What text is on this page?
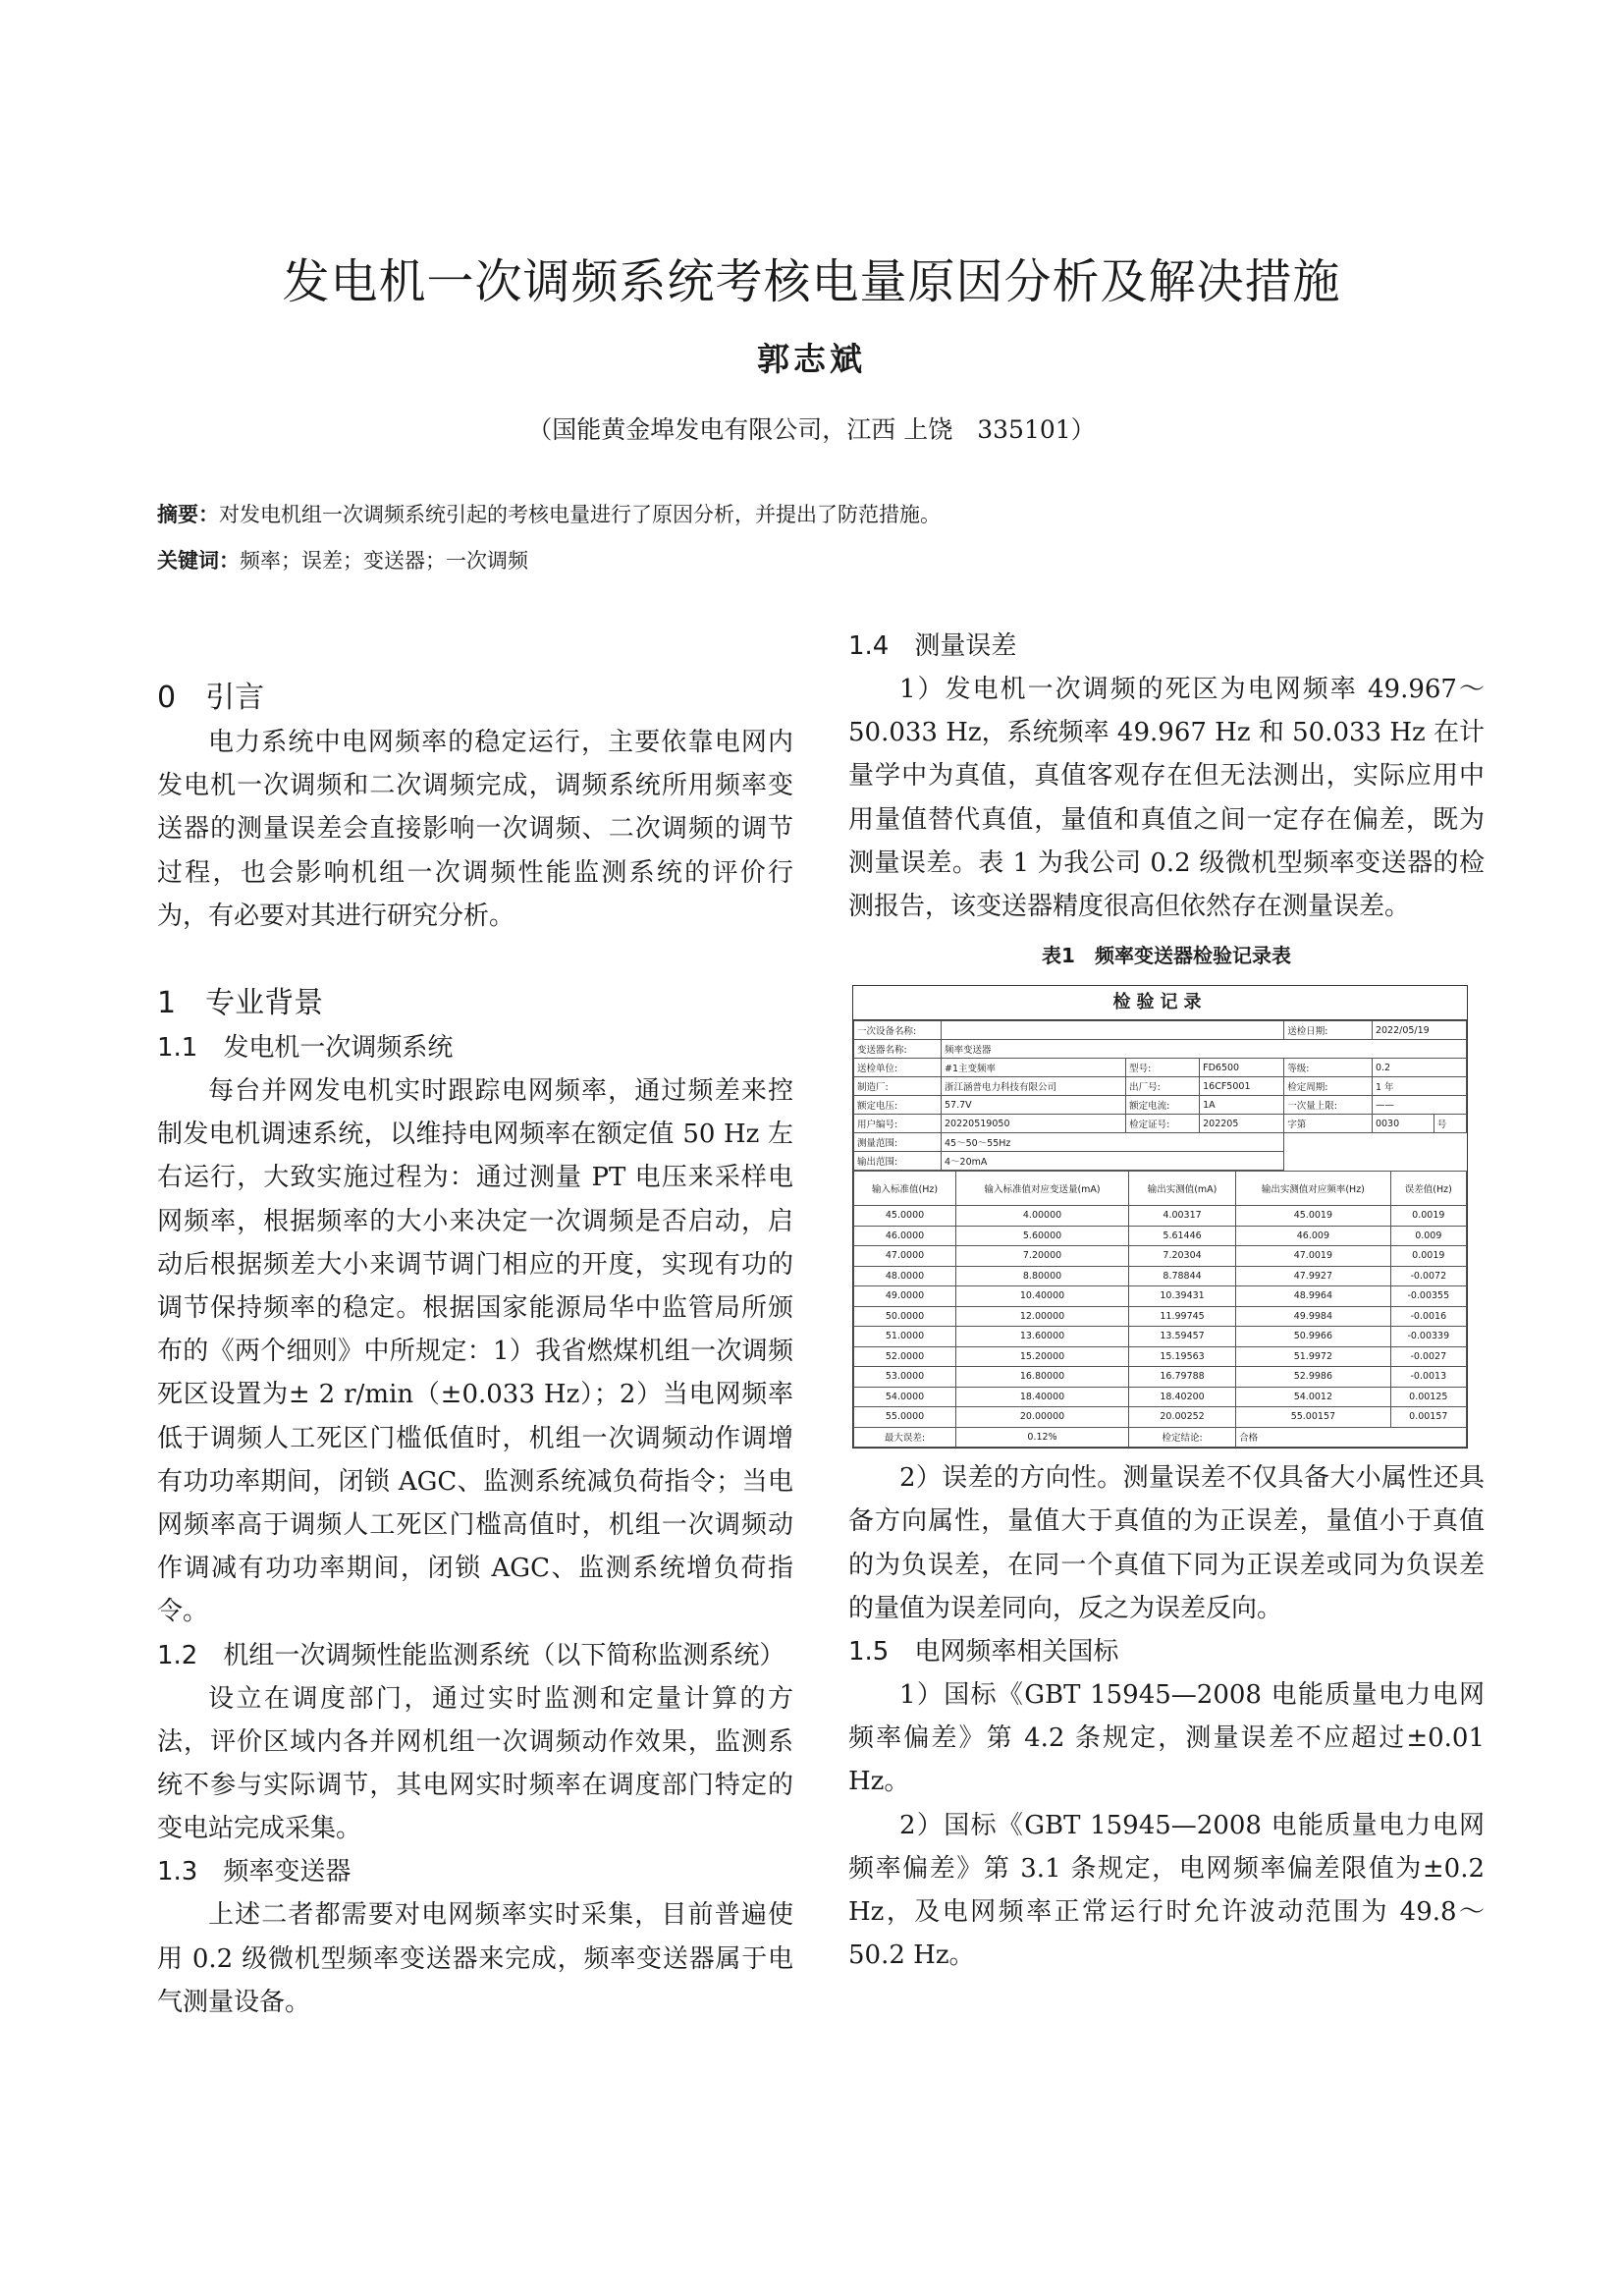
发电机一次调频系统考核电量原因分析及解决措施
郭志斌
（国能黄金埠发电有限公司，江西 上饶　335101）
摘要：对发电机组一次调频系统引起的考核电量进行了原因分析，并提出了防范措施。
关键词：频率；误差；变送器；一次调频
0　引言

电力系统中电网频率的稳定运行，主要依靠电网内发电机一次调频和二次调频完成，调频系统所用频率变送器的测量误差会直接影响一次调频、二次调频的调节过程，也会影响机组一次调频性能监测系统的评价行为，有必要对其进行研究分析。

1　专业背景
1.1　发电机一次调频系统

每台并网发电机实时跟踪电网频率，通过频差来控制发电机调速系统，以维持电网频率在额定值 50 Hz 左右运行，大致实施过程为：通过测量 PT 电压来采样电网频率，根据频率的大小来决定一次调频是否启动，启动后根据频差大小来调节调门相应的开度，实现有功的调节保持频率的稳定。根据国家能源局华中监管局所颁布的《两个细则》中所规定：1）我省燃煤机组一次调频死区设置为± 2 r/min（±0.033 Hz）；2）当电网频率低于调频人工死区门槛低值时，机组一次调频动作调增有功功率期间，闭锁 AGC、监测系统减负荷指令；当电网频率高于调频人工死区门槛高值时，机组一次调频动作调减有功功率期间，闭锁 AGC、监测系统增负荷指令。

1.2　机组一次调频性能监测系统（以下简称监测系统）

设立在调度部门，通过实时监测和定量计算的方法，评价区域内各并网机组一次调频动作效果，监测系统不参与实际调节，其电网实时频率在调度部门特定的变电站完成采集。

1.3　频率变送器

上述二者都需要对电网频率实时采集，目前普遍使用 0.2 级微机型频率变送器来完成，频率变送器属于电气测量设备。

1.4　测量误差

1）发电机一次调频的死区为电网频率 49.967～50.033 Hz，系统频率 49.967 Hz 和 50.033 Hz 在计量学中为真值，真值客观存在但无法测出，实际应用中用量值替代真值，量值和真值之间一定存在偏差，既为测量误差。表 1 为我公司 0.2 级微机型频率变送器的检测报告，该变送器精度很高但依然存在测量误差。

表1　频率变送器检验记录表
检验记录
一次设备名称:				送检日期:	2022/05/19	
变送器名称:	频率变送器					
送检单位:	#1主变频率	型号:	FD6500	等级:	0.2	
制造厂:	浙江涵普电力科技有限公司	出厂号:	16CF5001	检定周期:	1 年	
额定电压:	57.7V	额定电流:	1A	一次量上限:	——	
用户编号:	20220519050	检定证号:	202205	字第	0030	号
测量范围:	45～50～55Hz					
输出范围:	4～20mA					
输入标准值(Hz)	输入标准值对应变送量(mA)	输出实测值(mA)	输出实测值对应频率(Hz)	误差值(Hz)
45.0000	4.00000	4.00317	45.0019	0.0019
46.0000	5.60000	5.61446	46.009	0.009
47.0000	7.20000	7.20304	47.0019	0.0019
48.0000	8.80000	8.78844	47.9927	-0.0072
49.0000	10.40000	10.39431	48.9964	-0.00355
50.0000	12.00000	11.99745	49.9984	-0.0016
51.0000	13.60000	13.59457	50.9966	-0.00339
52.0000	15.20000	15.19563	51.9972	-0.0027
53.0000	16.80000	16.79788	52.9986	-0.0013
54.0000	18.40000	18.40200	54.0012	0.00125
55.0000	20.00000	20.00252	55.00157	0.00157
最大误差:	0.12%	检定结论:	合格	

2）误差的方向性。测量误差不仅具备大小属性还具备方向属性，量值大于真值的为正误差，量值小于真值的为负误差，在同一个真值下同为正误差或同为负误差的量值为误差同向，反之为误差反向。

1.5　电网频率相关国标

1）国标《GBT 15945—2008 电能质量电力电网频率偏差》第 4.2 条规定，测量误差不应超过±0.01 Hz。

2）国标《GBT 15945—2008 电能质量电力电网频率偏差》第 3.1 条规定，电网频率偏差限值为±0.2 Hz，及电网频率正常运行时允许波动范围为 49.8～50.2 Hz。
